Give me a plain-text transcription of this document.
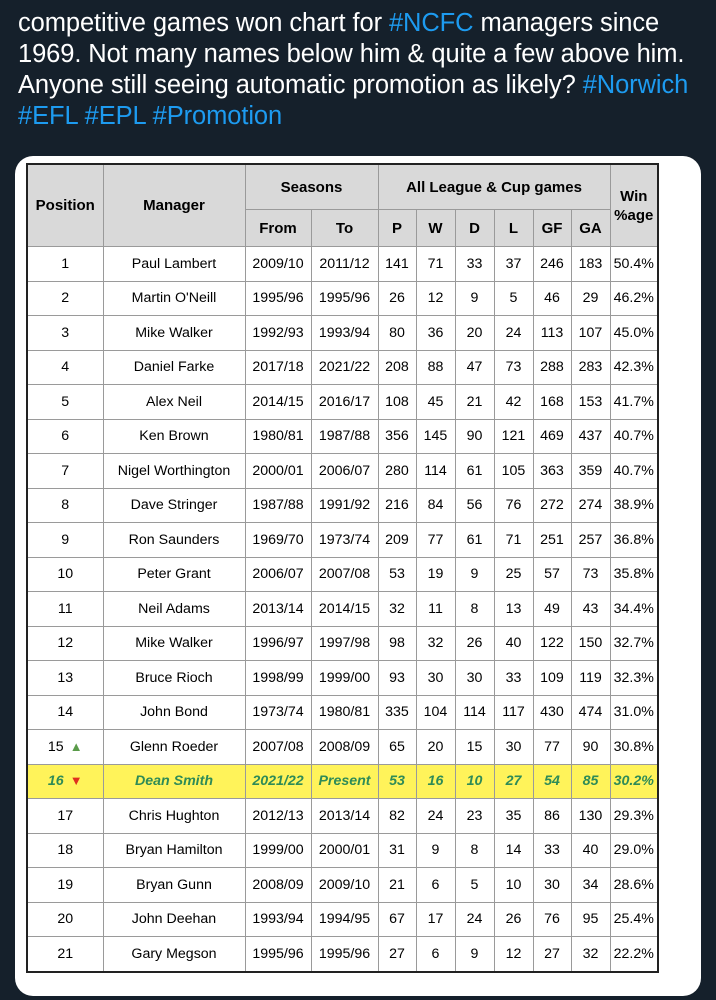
competitive games won chart for #NCFC managers since 1969. Not many names below him & quite a few above him. Anyone still seeing automatic promotion as likely? #Norwich #EFL #EPL #Promotion
Position	Manager	Seasons		All League & Cup games						Win %age
		From	To	P	W	D	L	GF	GA	
1	Paul Lambert	2009/10	2011/12	141	71	33	37	246	183	50.4%
2	Martin O'Neill	1995/96	1995/96	26	12	9	5	46	29	46.2%
3	Mike Walker	1992/93	1993/94	80	36	20	24	113	107	45.0%
4	Daniel Farke	2017/18	2021/22	208	88	47	73	288	283	42.3%
5	Alex Neil	2014/15	2016/17	108	45	21	42	168	153	41.7%
6	Ken Brown	1980/81	1987/88	356	145	90	121	469	437	40.7%
7	Nigel Worthington	2000/01	2006/07	280	114	61	105	363	359	40.7%
8	Dave Stringer	1987/88	1991/92	216	84	56	76	272	274	38.9%
9	Ron Saunders	1969/70	1973/74	209	77	61	71	251	257	36.8%
10	Peter Grant	2006/07	2007/08	53	19	9	25	57	73	35.8%
11	Neil Adams	2013/14	2014/15	32	11	8	13	49	43	34.4%
12	Mike Walker	1996/97	1997/98	98	32	26	40	122	150	32.7%
13	Bruce Rioch	1998/99	1999/00	93	30	30	33	109	119	32.3%
14	John Bond	1973/74	1980/81	335	104	114	117	430	474	31.0%
15 ▲	Glenn Roeder	2007/08	2008/09	65	20	15	30	77	90	30.8%
16 ▼	Dean Smith	2021/22	Present	53	16	10	27	54	85	30.2%
17	Chris Hughton	2012/13	2013/14	82	24	23	35	86	130	29.3%
18	Bryan Hamilton	1999/00	2000/01	31	9	8	14	33	40	29.0%
19	Bryan Gunn	2008/09	2009/10	21	6	5	10	30	34	28.6%
20	John Deehan	1993/94	1994/95	67	17	24	26	76	95	25.4%
21	Gary Megson	1995/96	1995/96	27	6	9	12	27	32	22.2%
